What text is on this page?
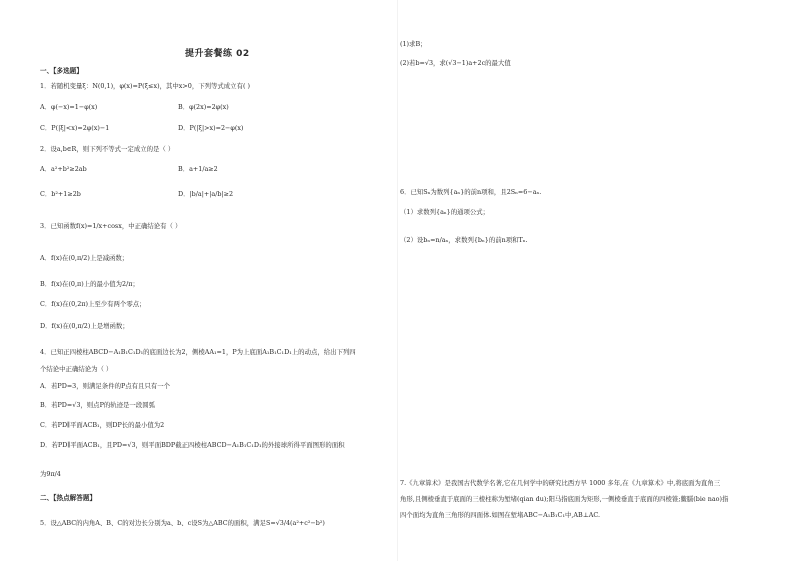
提升套餐练 02
一、【多选题】
1．若随机变量ξ：N(0,1)，φ(x)=P(ξ≤x)，其中x>0，下列等式成立有( )
A．φ(−x)=1−φ(x)	B．φ(2x)=2φ(x)
C．P(|ξ|<x)=2φ(x)−1	D．P(|ξ|>x)=2−φ(x)
2．设a,b∈R，则下列不等式一定成立的是（ ）
A．a²+b²≥2ab	B．a+1/a≥2
C．b²+1≥2b	D．|b/a|+|a/b|≥2
3．已知函数f(x)=1/x+cosx，中正确结论有（ ）
A．f(x)在(0,π/2)上是减函数；
B．f(x)在(0,π)上的最小值为2/π；
C．f(x)在(0,2π)上至少有两个零点；
D．f(x)在(0,π/2)上是增函数；
4．已知正四棱柱ABCD−A₁B₁C₁D₁的底面边长为2，侧棱AA₁=1，P为上底面A₁B₁C₁D₁上的动点，给出下列四
个结论中正确结论为（ ）
A．若PD=3，则满足条件的P点有且只有一个
B．若PD=√3，则点P的轨迹是一段圆弧
C．若PD∥平面ACB₁，则DP长的最小值为2
D．若PD∥平面ACB₁，且PD=√3，则平面BDP截正四棱柱ABCD−A₁B₁C₁D₁的外接球所得平面图形的面积
为9π/4
二、【热点解答题】
5．设△ABC的内角A、B、C的对边长分别为a、b、c设S为△ABC的面积，满足S=√3/4(a²+c²−b²)
(1)求B；
(2)若b=√3，求(√3−1)a+2c的最大值
6．已知Sₙ为数列{aₙ}的前n项和，且2Sₙ=6−aₙ.
（1）求数列{aₙ}的通项公式；
（2）设bₙ=n/aₙ，求数列{bₙ}的前n项和Tₙ.
7.《九章算术》是我国古代数学名著,它在几何学中的研究比西方早 1000 多年,在《九章算术》中,将底面为直角三
角形,且侧棱垂直于底面的三棱柱称为堑堵(qian du);阳马指底面为矩形,一侧棱垂直于底面的四棱锥;鳖臑(bie nao)指
四个面均为直角三角形的四面体.如图在堑堵ABC−A₁B₁C₁中,AB⊥AC.
